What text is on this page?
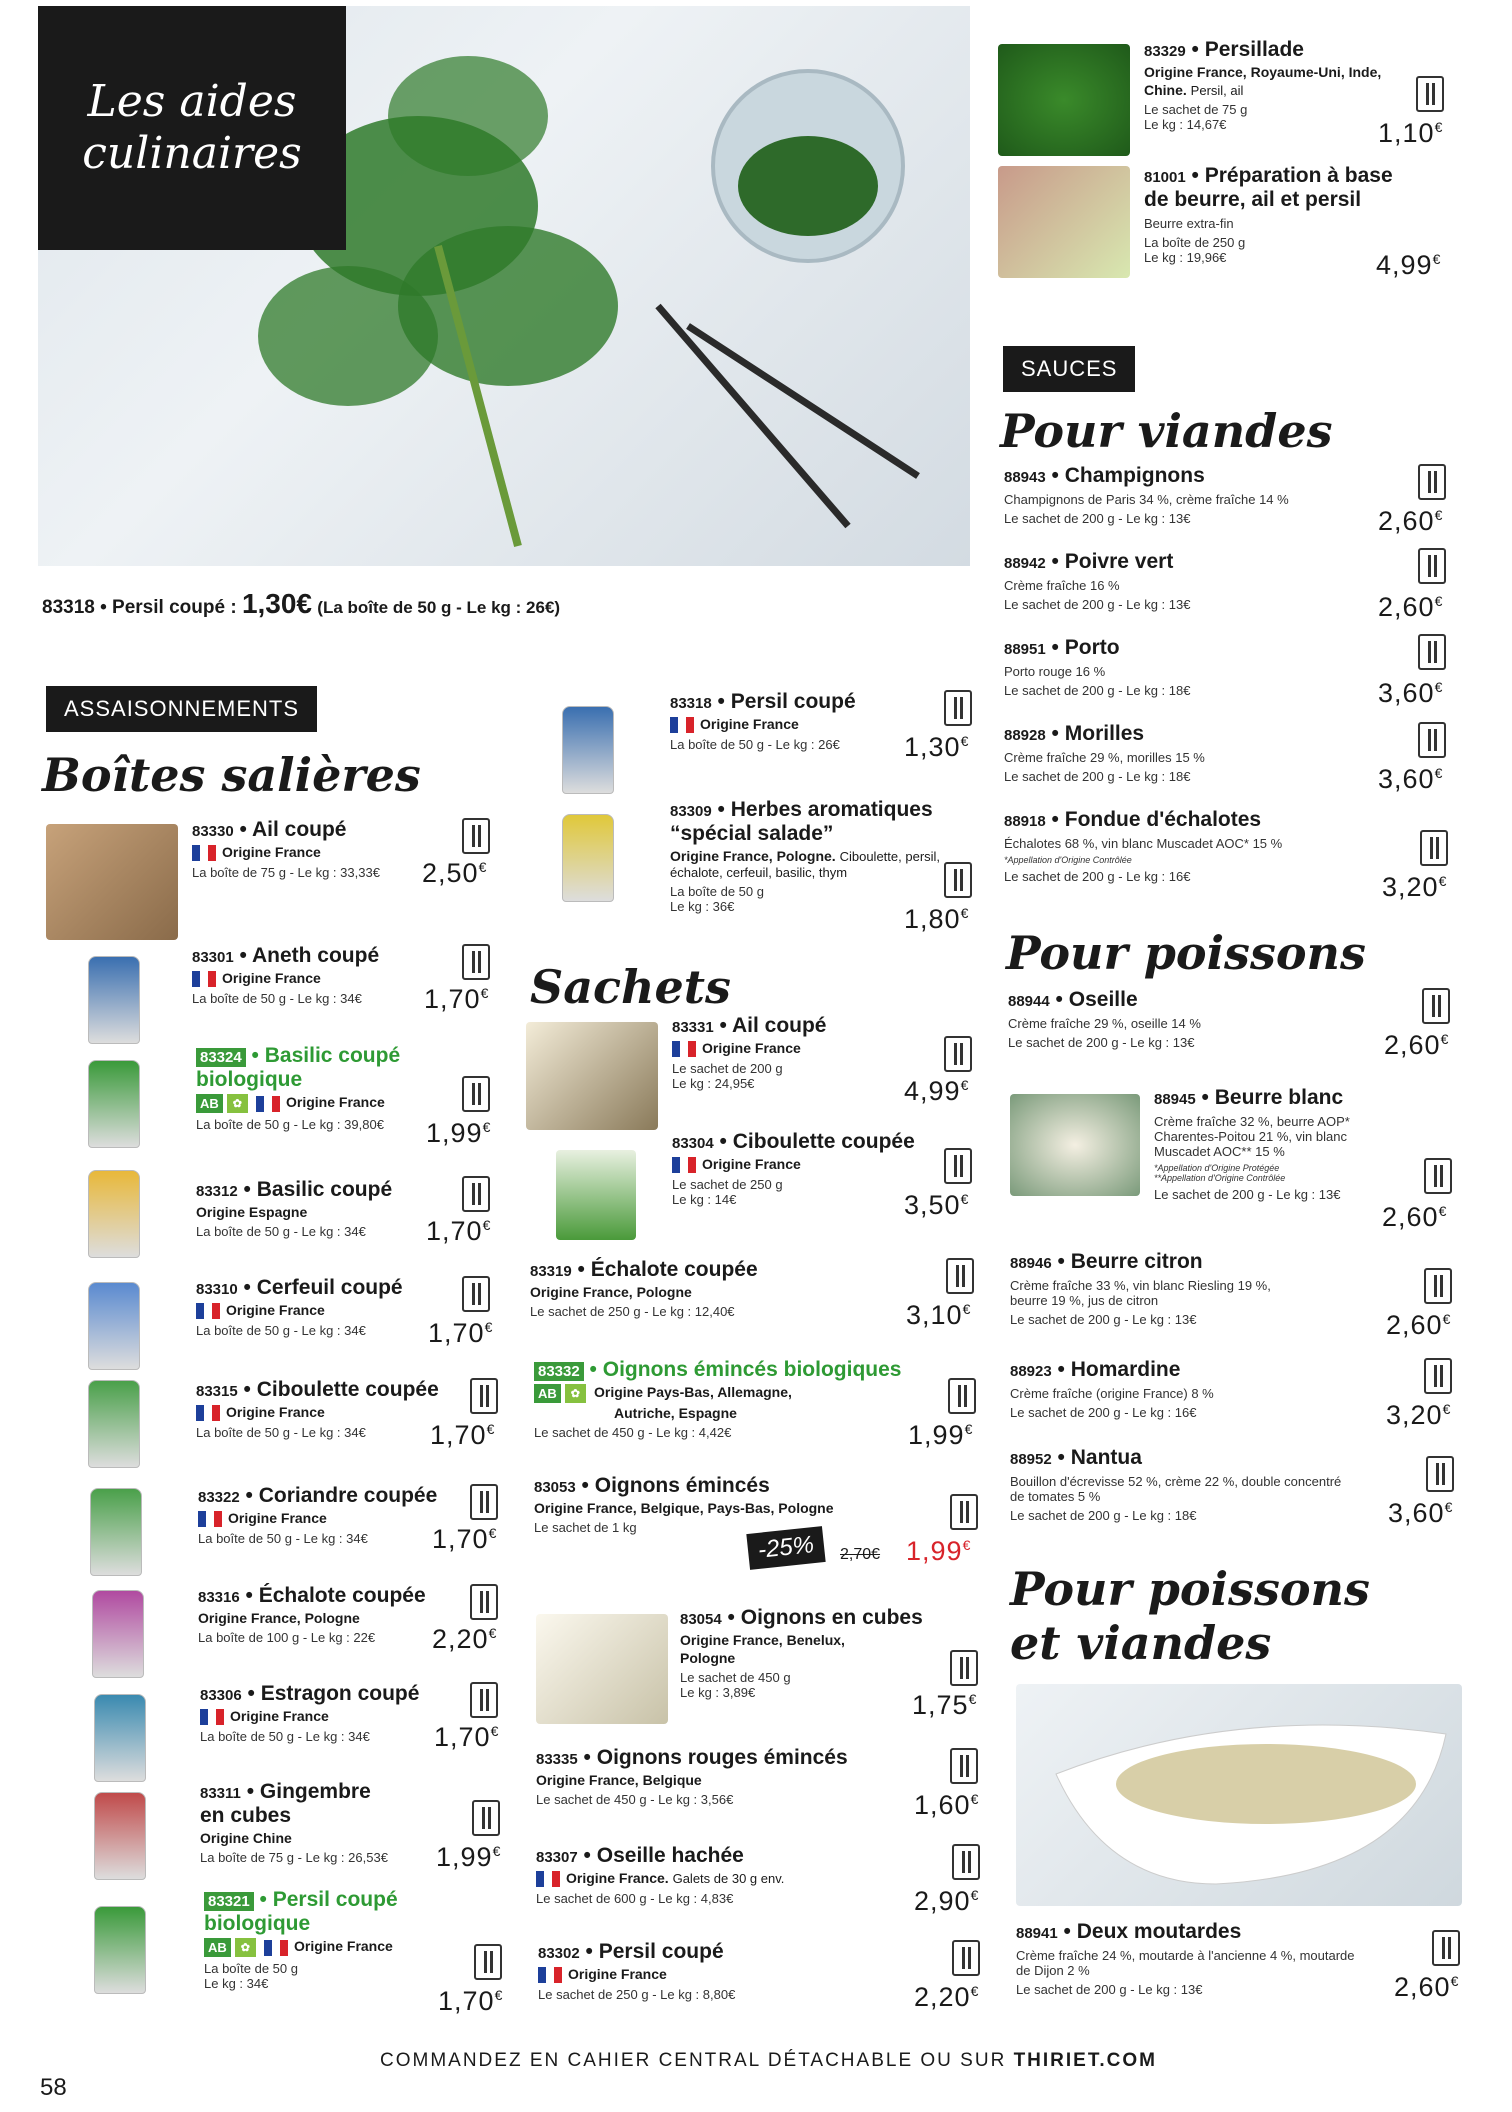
Les aides
culinaires
83318 • Persil coupé : 1,30€ (La boîte de 50 g - Le kg : 26€)
ASSAISONNEMENTS
Boîtes salières
Sachets
SAUCES
Pour viandes
Pour poissons
Pour poissons
et viandes
83330 • Ail coupé
Origine France
La boîte de 75 g - Le kg : 33,33€	2,50€
83301 • Aneth coupé
Origine France
La boîte de 50 g - Le kg : 34€	1,70€
83324 • Basilic coupé
biologique
AB ✿	Origine France
La boîte de 50 g - Le kg : 39,80€	1,99€
83312 • Basilic coupé
Origine Espagne
La boîte de 50 g - Le kg : 34€	1,70€
83310 • Cerfeuil coupé
Origine France
La boîte de 50 g - Le kg : 34€	1,70€
83315 • Ciboulette coupée
Origine France
La boîte de 50 g - Le kg : 34€	1,70€
83322 • Coriandre coupée
Origine France
La boîte de 50 g - Le kg : 34€	1,70€
83316 • Échalote coupée
Origine France, Pologne
La boîte de 100 g - Le kg : 22€	2,20€
83306 • Estragon coupé
Origine France
La boîte de 50 g - Le kg : 34€	1,70€
83311 • Gingembre
en cubes
Origine Chine
La boîte de 75 g - Le kg : 26,53€	1,99€
83321 • Persil coupé
biologique
AB ✿	Origine France
La boîte de 50 g
Le kg : 34€
1,70€
83318 • Persil coupé
Origine France
La boîte de 50 g - Le kg : 26€	1,30€
83309 • Herbes aromatiques
“spécial salade”
Origine France, Pologne. Ciboulette, persil, échalote, cerfeuil, basilic, thym
La boîte de 50 g
Le kg : 36€	1,80€
83331 • Ail coupé
Origine France
Le sachet de 200 g
Le kg : 24,95€	4,99€
83304 • Ciboulette coupée
Origine France
Le sachet de 250 g
Le kg : 14€	3,50€
83319 • Échalote coupée
Origine France, Pologne
Le sachet de 250 g - Le kg : 12,40€	3,10€
83332 • Oignons émincés biologiques
AB ✿ Origine Pays-Bas, Allemagne,
Autriche, Espagne
Le sachet de 450 g - Le kg : 4,42€	1,99€
83053 • Oignons émincés
Origine France, Belgique, Pays-Bas, Pologne
Le sachet de 1 kg
-25%	2,70€ 1,99€
83054 • Oignons en cubes
Origine France, Benelux,
Pologne
Le sachet de 450 g
Le kg : 3,89€	1,75€
83335 • Oignons rouges émincés
Origine France, Belgique
Le sachet de 450 g - Le kg : 3,56€	1,60€
83307 • Oseille hachée
Origine France. Galets de 30 g env.
Le sachet de 600 g - Le kg : 4,83€	2,90€
83302 • Persil coupé
Origine France
Le sachet de 250 g - Le kg : 8,80€	2,20€
83329 • Persillade
Origine France, Royaume-Uni, Inde,
Chine. Persil, ail
Le sachet de 75 g
Le kg : 14,67€	1,10€
81001 • Préparation à base
de beurre, ail et persil
Beurre extra-fin
La boîte de 250 g
Le kg : 19,96€	4,99€
88943 • Champignons
Champignons de Paris 34 %, crème fraîche 14 %
Le sachet de 200 g - Le kg : 13€	2,60€
88942 • Poivre vert
Crème fraîche 16 %
Le sachet de 200 g - Le kg : 13€	2,60€
88951 • Porto
Porto rouge 16 %
Le sachet de 200 g - Le kg : 18€	3,60€
88928 • Morilles
Crème fraîche 29 %, morilles 15 %
Le sachet de 200 g - Le kg : 18€	3,60€
88918 • Fondue d'échalotes
Échalotes 68 %, vin blanc Muscadet AOC* 15 %
*Appellation d'Origine Contrôlée
Le sachet de 200 g - Le kg : 16€	3,20€
88944 • Oseille
Crème fraîche 29 %, oseille 14 %
Le sachet de 200 g - Le kg : 13€	2,60€
88945 • Beurre blanc
Crème fraîche 32 %, beurre AOP*
Charentes-Poitou 21 %, vin blanc
Muscadet AOC** 15 %
*Appellation d'Origine Protégée
**Appellation d'Origine Contrôlée
Le sachet de 200 g - Le kg : 13€
2,60€
88946 • Beurre citron
Crème fraîche 33 %, vin blanc Riesling 19 %,
beurre 19 %, jus de citron
Le sachet de 200 g - Le kg : 13€	2,60€
88923 • Homardine
Crème fraîche (origine France) 8 %
Le sachet de 200 g - Le kg : 16€	3,20€
88952 • Nantua
Bouillon d'écrevisse 52 %, crème 22 %, double concentré
de tomates 5 %
Le sachet de 200 g - Le kg : 18€	3,60€
88941 • Deux moutardes
Crème fraîche 24 %, moutarde à l'ancienne 4 %, moutarde
de Dijon 2 %
Le sachet de 200 g - Le kg : 13€	2,60€
COMMANDEZ EN CAHIER CENTRAL DÉTACHABLE OU SUR THIRIET.COM
58
